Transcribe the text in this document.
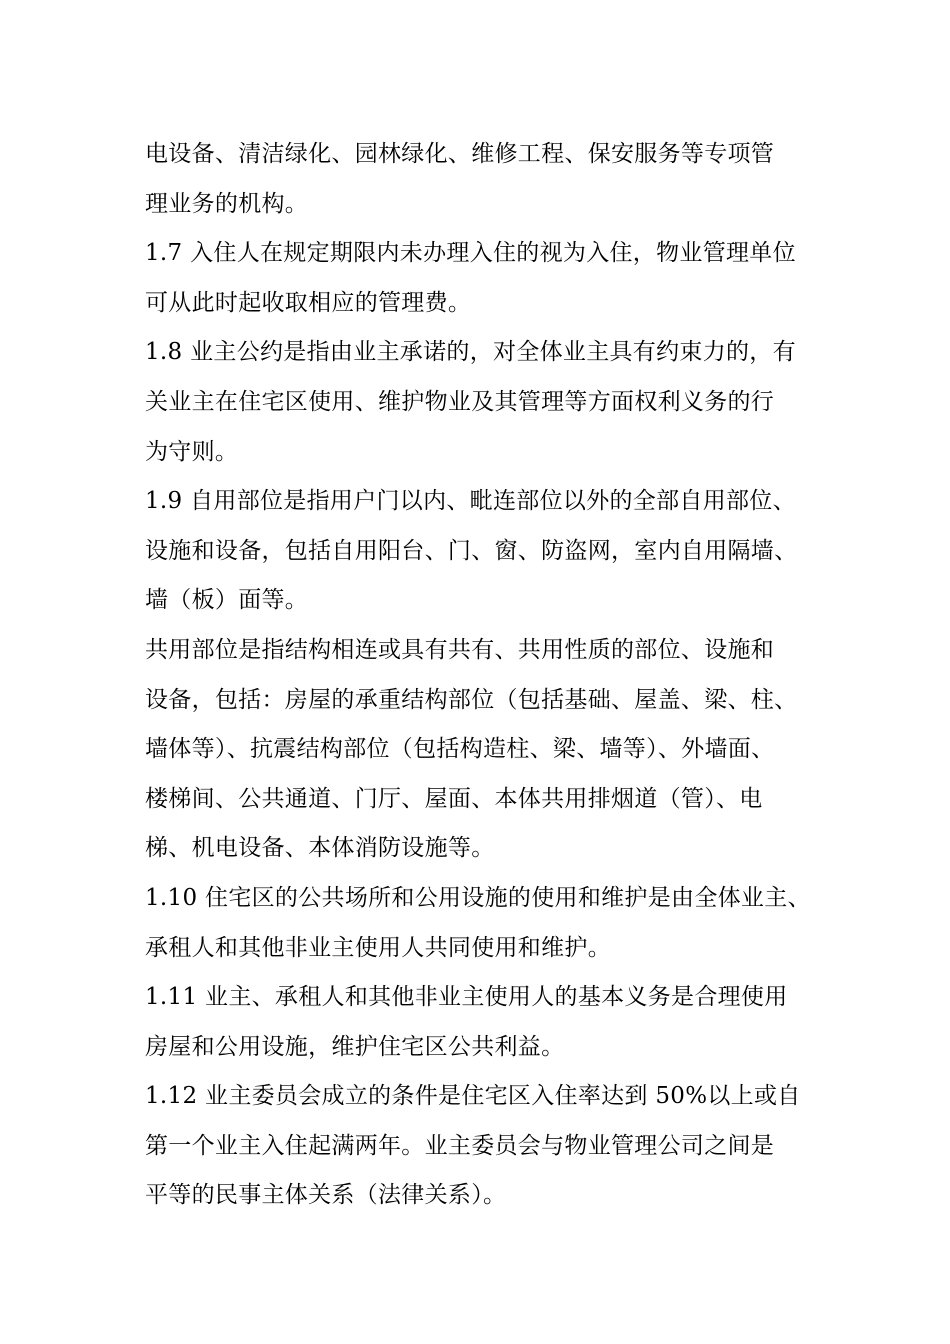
电设备、清洁绿化、园林绿化、维修工程、保安服务等专项管
理业务的机构。
1.7 入住人在规定期限内未办理入住的视为入住，物业管理单位
可从此时起收取相应的管理费。
1.8 业主公约是指由业主承诺的，对全体业主具有约束力的，有
关业主在住宅区使用、维护物业及其管理等方面权利义务的行
为守则。
1.9 自用部位是指用户门以内、毗连部位以外的全部自用部位、
设施和设备，包括自用阳台、门、窗、防盗网，室内自用隔墙、
墙（板）面等。
共用部位是指结构相连或具有共有、共用性质的部位、设施和
设备，包括：房屋的承重结构部位（包括基础、屋盖、梁、柱、
墙体等）、抗震结构部位（包括构造柱、梁、墙等）、外墙面、
楼梯间、公共通道、门厅、屋面、本体共用排烟道（管）、电
梯、机电设备、本体消防设施等。
1.10 住宅区的公共场所和公用设施的使用和维护是由全体业主、
承租人和其他非业主使用人共同使用和维护。
1.11 业主、承租人和其他非业主使用人的基本义务是合理使用
房屋和公用设施，维护住宅区公共利益。
1.12 业主委员会成立的条件是住宅区入住率达到 50%以上或自
第一个业主入住起满两年。业主委员会与物业管理公司之间是
平等的民事主体关系（法律关系）。
